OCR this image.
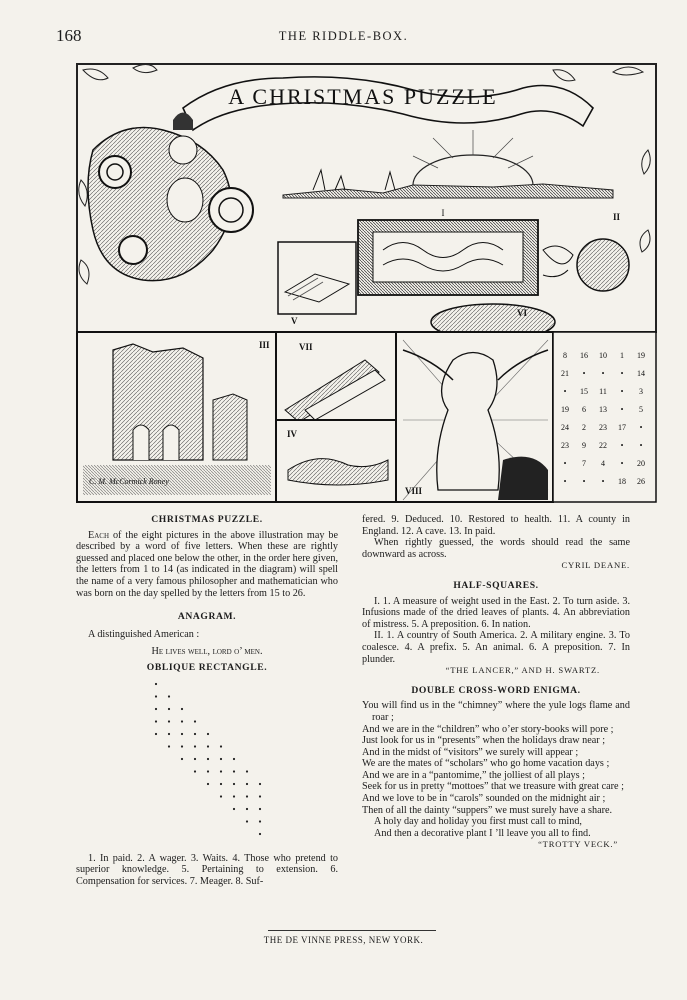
168	THE RIDDLE-BOX.
A CHRISTMAS PUZZLE
I	II
V
VI
III
C. M. McCormick Roney
VII
IV
VIII
8 16 10 1 19
21 • • • 14
• 15 11 • 3
19 6 13 • 5
24 2 23 17 •
23 9 22 • •
• 7 4 • 20
• • • 18 26

CHRISTMAS PUZZLE.

Each of the eight pictures in the above illustration may be described by a word of five letters. When these are rightly guessed and placed one below the other, in the order here given, the letters from 1 to 14 (as indicated in the diagram) will spell the name of a very famous philosopher and mathematician who was born on the day spelled by the letters from 15 to 26.

ANAGRAM.

A distinguished American :

He lives well, lord o’ men.

OBLIQUE RECTANGLE.

1. In paid. 2. A wager. 3. Waits. 4. Those who pretend to superior knowledge. 5. Pertaining to extension. 6. Compensation for services. 7. Meager. 8. Suf-

fered. 9. Deduced. 10. Restored to health. 11. A county in England. 12. A cave. 13. In paid.

When rightly guessed, the words should read the same downward as across.

CYRIL DEANE.

HALF-SQUARES.

I. 1. A measure of weight used in the East. 2. To turn aside. 3. Infusions made of the dried leaves of plants. 4. An abbreviation of mistress. 5. A preposition. 6. In nation.

II. 1. A country of South America. 2. A military engine. 3. To coalesce. 4. A prefix. 5. An animal. 6. A preposition. 7. In plunder.

“THE LANCER,” AND H. SWARTZ.

DOUBLE CROSS-WORD ENIGMA.

You will find us in the “chimney” where the yule logs flame and roar ;

And we are in the “children” who o’er story-books will pore ;

Just look for us in “presents” when the holidays draw near ;

And in the midst of “visitors” we surely will appear ;

We are the mates of “scholars” who go home vacation days ;

And we are in a “pantomime,” the jolliest of all plays ;

Seek for us in pretty “mottoes” that we treasure with great care ;

And we love to be in “carols” sounded on the midnight air ;

Then of all the dainty “suppers” we must surely have a share.

A holy day and holiday you first must call to mind,

And then a decorative plant I ’ll leave you all to find.

“TROTTY VECK.”

THE DE VINNE PRESS, NEW YORK.
